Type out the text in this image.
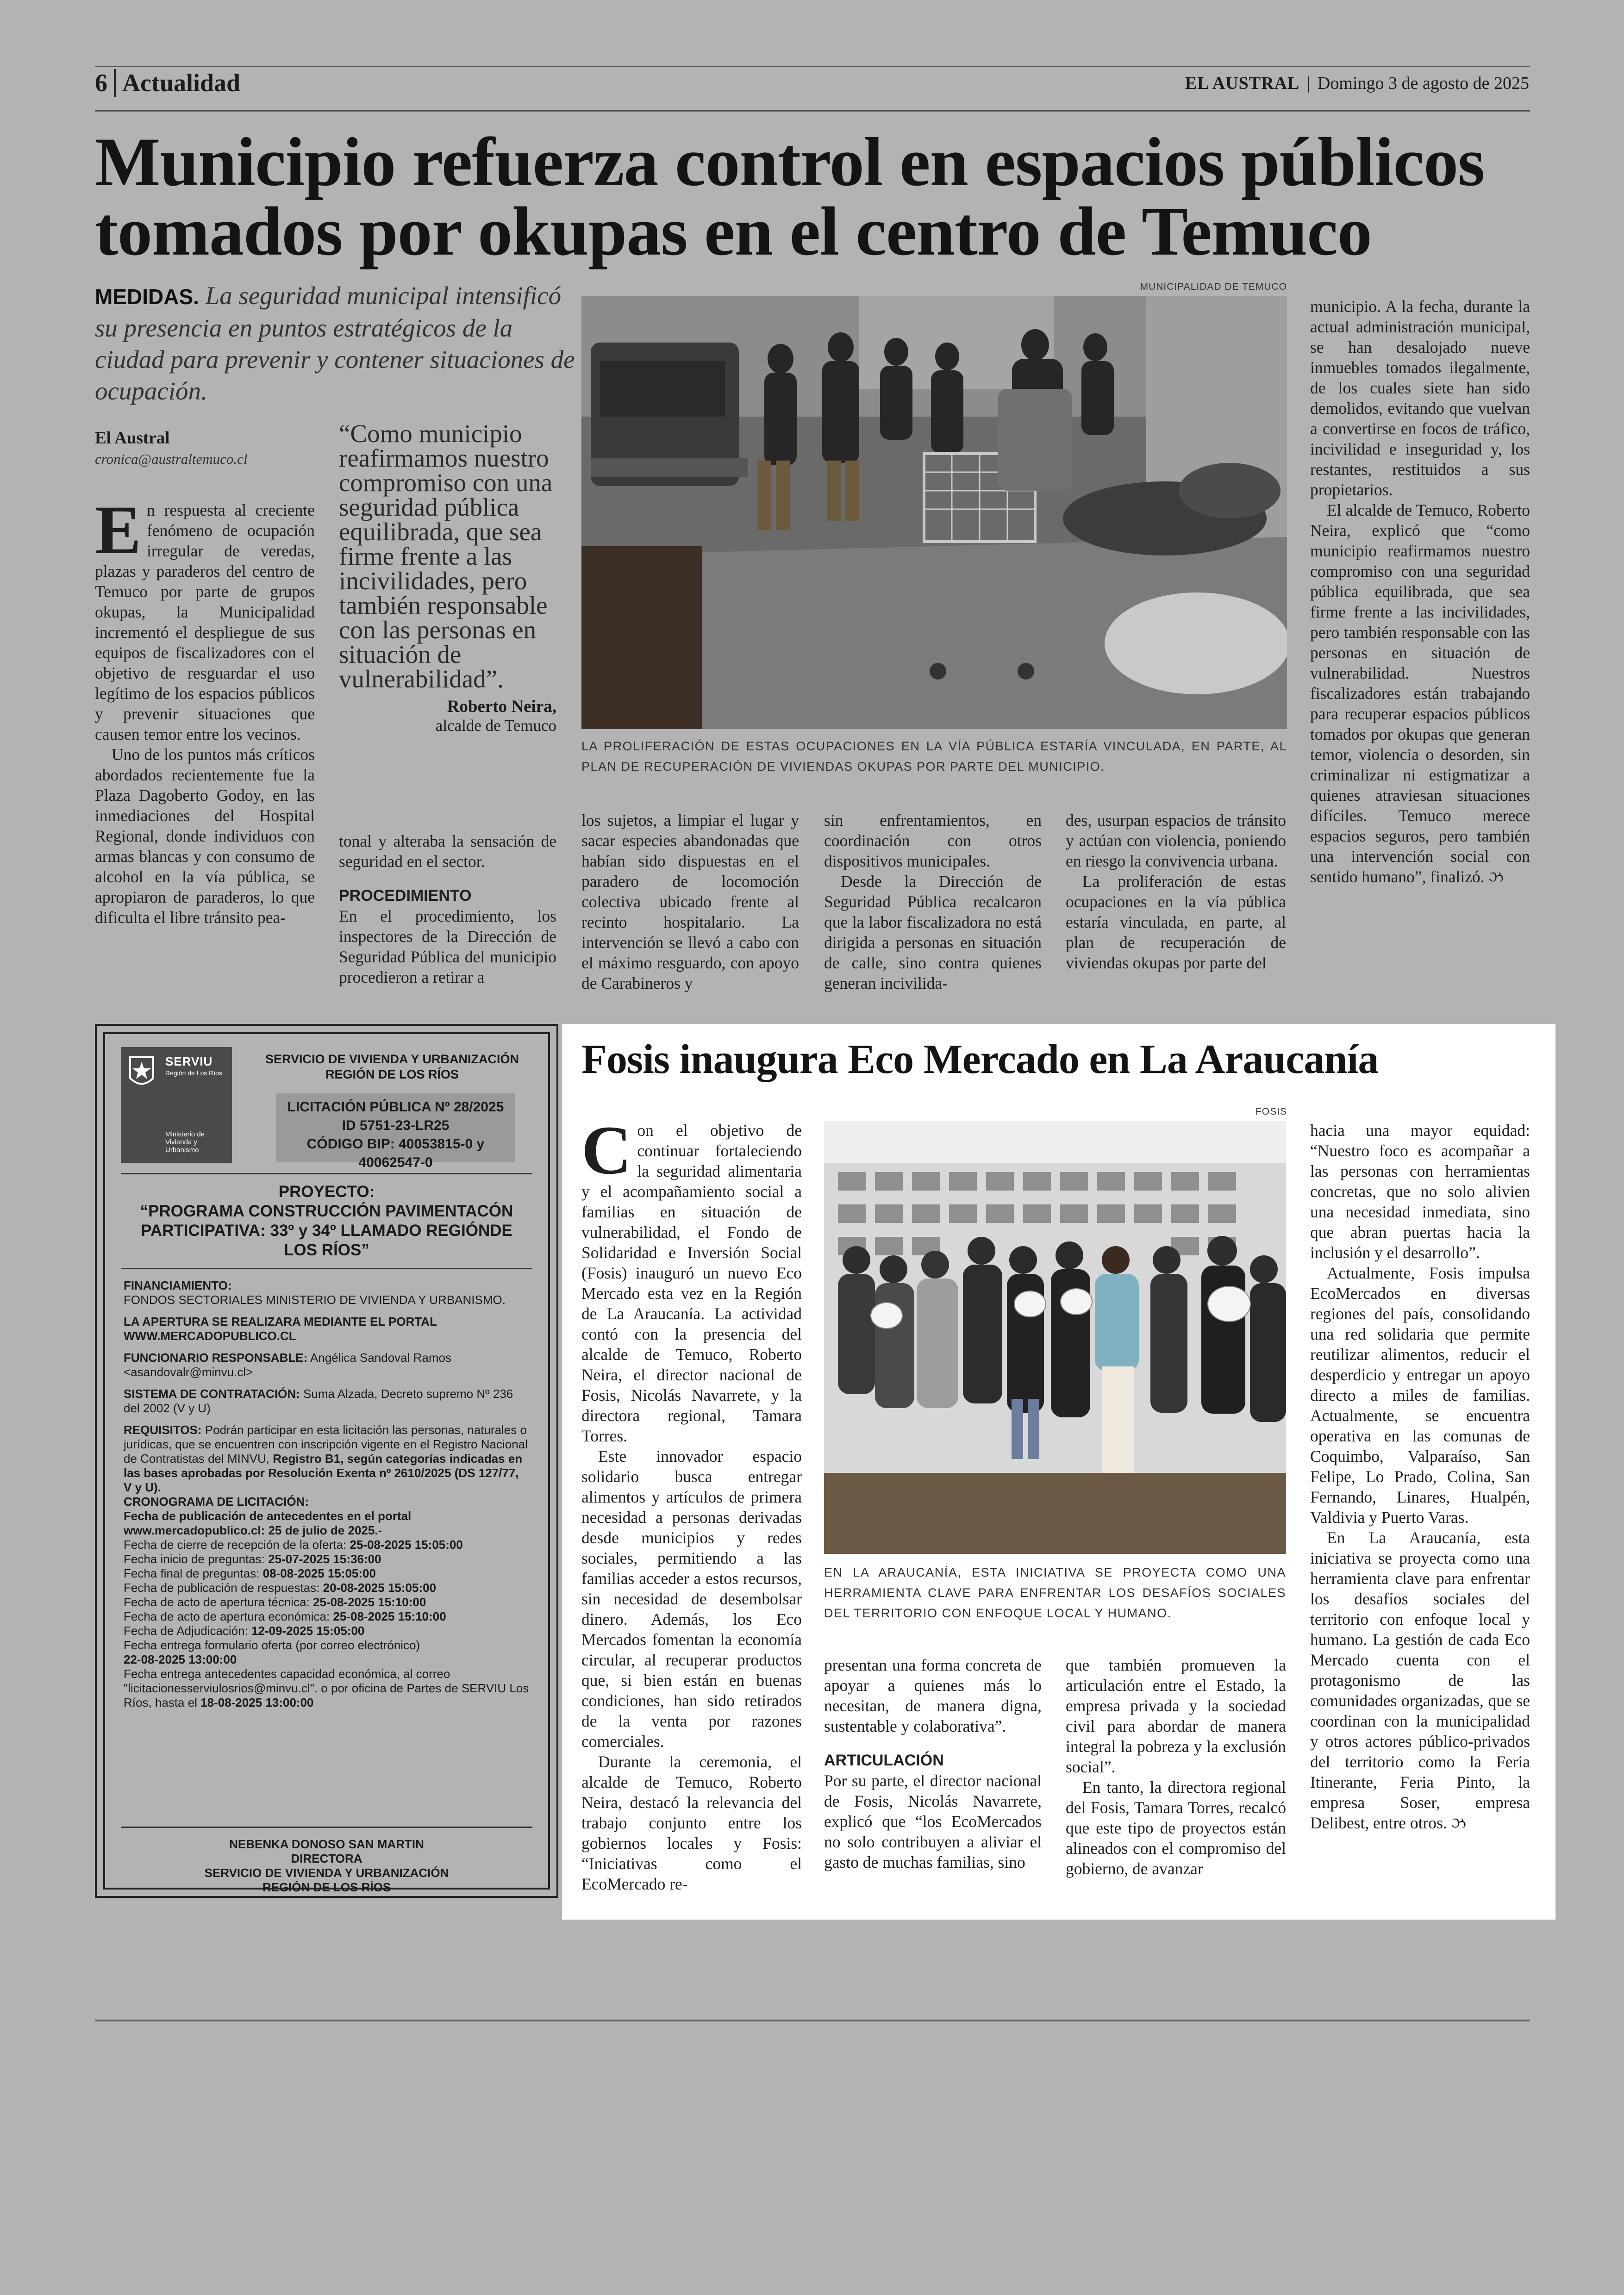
6 Actualidad	EL AUSTRAL | Domingo 3 de agosto de 2025
Municipio refuerza control en espacios públicos
tomados por okupas en el centro de Temuco
MEDIDAS. La seguridad municipal intensificó su presencia en puntos estratégicos de la ciudad para prevenir y contener situaciones de ocupación.
El Austral
cronica@australtemuco.cl
“Como municipio reafirmamos nuestro compromiso con una seguridad pública equilibrada, que sea firme frente a las incivilidades, pero también responsable con las personas en situación de vulnerabilidad”.
Roberto Neira,
alcalde de Temuco
MUNICIPALIDAD DE TEMUCO
LA PROLIFERACIÓN DE ESTAS OCUPACIONES EN LA VÍA PÚBLICA ESTARÍA VINCULADA, EN PARTE, AL PLAN DE RECUPERACIÓN DE VIVIENDAS OKUPAS POR PARTE DEL MUNICIPIO.

En respuesta al creciente fenómeno de ocupación irregular de veredas, plazas y paraderos del centro de Temuco por parte de grupos okupas, la Municipalidad incrementó el despliegue de sus equipos de fiscalizadores con el objetivo de resguardar el uso legítimo de los espacios públicos y prevenir situaciones que causen temor entre los vecinos.

Uno de los puntos más críticos abordados recientemente fue la Plaza Dagoberto Godoy, en las inmediaciones del Hospital Regional, donde individuos con armas blancas y con consumo de alcohol en la vía pública, se apropiaron de paraderos, lo que dificulta el libre tránsito pea-

tonal y alteraba la sensación de seguridad en el sector.

PROCEDIMIENTO

En el procedimiento, los inspectores de la Dirección de Seguridad Pública del municipio procedieron a retirar a

los sujetos, a limpiar el lugar y sacar especies abandonadas que habían sido dispuestas en el paradero de locomoción colectiva ubicado frente al recinto hospitalario. La intervención se llevó a cabo con el máximo resguardo, con apoyo de Carabineros y

sin enfrentamientos, en coordinación con otros dispositivos municipales.

Desde la Dirección de Seguridad Pública recalcaron que la labor fiscalizadora no está dirigida a personas en situación de calle, sino contra quienes generan incivilida-

des, usurpan espacios de tránsito y actúan con violencia, poniendo en riesgo la convivencia urbana.

La proliferación de estas ocupaciones en la vía pública estaría vinculada, en parte, al plan de recuperación de viviendas okupas por parte del

municipio. A la fecha, durante la actual administración municipal, se han desalojado nueve inmuebles tomados ilegalmente, de los cuales siete han sido demolidos, evitando que vuelvan a convertirse en focos de tráfico, incivilidad e inseguridad y, los restantes, restituidos a sus propietarios.

El alcalde de Temuco, Roberto Neira, explicó que “como municipio reafirmamos nuestro compromiso con una seguridad pública equilibrada, que sea firme frente a las incivilidades, pero también responsable con las personas en situación de vulnerabilidad. Nuestros fiscalizadores están trabajando para recuperar espacios públicos tomados por okupas que generan temor, violencia o desorden, sin criminalizar ni estigmatizar a quienes atraviesan situaciones difíciles. Temuco merece espacios seguros, pero también una intervención social con sentido humano”, finalizó. ઝ

SERVIU
Región de Los Ríos
Ministerio de Vivienda y Urbanismo
SERVICIO DE VIVIENDA Y URBANIZACIÓN
REGIÓN DE LOS RÍOS
LICITACIÓN PÚBLICA Nº 28/2025
ID 5751-23-LR25
CÓDIGO BIP: 40053815-0 y 40062547-0
PROYECTO:
“PROGRAMA CONSTRUCCIÓN PAVIMENTACÓN PARTICIPATIVA: 33º y 34º LLAMADO REGIÓNDE LOS RÍOS”

FINANCIAMIENTO:
FONDOS SECTORIALES MINISTERIO DE VIVIENDA Y URBANISMO.

LA APERTURA SE REALIZARA MEDIANTE EL PORTAL
WWW.MERCADOPUBLICO.CL

FUNCIONARIO RESPONSABLE: Angélica Sandoval Ramos <asandovalr@minvu.cl>

SISTEMA DE CONTRATACIÓN: Suma Alzada, Decreto supremo Nº 236 del 2002 (V y U)

REQUISITOS: Podrán participar en esta licitación las personas, naturales o jurídicas, que se encuentren con inscripción vigente en el Registro Nacional de Contratistas del MINVU, Registro B1, según categorías indicadas en las bases aprobadas por Resolución Exenta nº 2610/2025 (DS 127/77, V y U).

CRONOGRAMA DE LICITACIÓN:

Fecha de publicación de antecedentes en el portal www.mercadopublico.cl: 25 de julio de 2025.-

Fecha de cierre de recepción de la oferta: 25-08-2025 15:05:00

Fecha inicio de preguntas: 25-07-2025 15:36:00

Fecha final de preguntas: 08-08-2025 15:05:00

Fecha de publicación de respuestas: 20-08-2025 15:05:00

Fecha de acto de apertura técnica: 25-08-2025 15:10:00

Fecha de acto de apertura económica: 25-08-2025 15:10:00

Fecha de Adjudicación: 12-09-2025 15:05:00

Fecha entrega formulario oferta (por correo electrónico)
22-08-2025 13:00:00

Fecha entrega antecedentes capacidad económica, al correo "licitacionesserviulosrios@minvu.cl". o por oficina de Partes de SERVIU Los Ríos, hasta el 18-08-2025 13:00:00

NEBENKA DONOSO SAN MARTIN
DIRECTORA
SERVICIO DE VIVIENDA Y URBANIZACIÓN
REGIÓN DE LOS RÍOS
Fosis inaugura Eco Mercado en La Araucanía
FOSIS
EN LA ARAUCANÍA, ESTA INICIATIVA SE PROYECTA COMO UNA HERRAMIENTA CLAVE PARA ENFRENTAR LOS DESAFÍOS SOCIALES DEL TERRITORIO CON ENFOQUE LOCAL Y HUMANO.

Con el objetivo de continuar fortaleciendo la seguridad alimentaria y el acompañamiento social a familias en situación de vulnerabilidad, el Fondo de Solidaridad e Inversión Social (Fosis) inauguró un nuevo Eco Mercado esta vez en la Región de La Araucanía. La actividad contó con la presencia del alcalde de Temuco, Roberto Neira, el director nacional de Fosis, Nicolás Navarrete, y la directora regional, Tamara Torres.

Este innovador espacio solidario busca entregar alimentos y artículos de primera necesidad a personas derivadas desde municipios y redes sociales, permitiendo a las familias acceder a estos recursos, sin necesidad de desembolsar dinero. Además, los Eco Mercados fomentan la economía circular, al recuperar productos que, si bien están en buenas condiciones, han sido retirados de la venta por razones comerciales.

Durante la ceremonia, el alcalde de Temuco, Roberto Neira, destacó la relevancia del trabajo conjunto entre los gobiernos locales y Fosis: “Iniciativas como el EcoMercado re-

presentan una forma concreta de apoyar a quienes más lo necesitan, de manera digna, sustentable y colaborativa”.

ARTICULACIÓN

Por su parte, el director nacional de Fosis, Nicolás Navarrete, explicó que “los EcoMercados no solo contribuyen a aliviar el gasto de muchas familias, sino

que también promueven la articulación entre el Estado, la empresa privada y la sociedad civil para abordar de manera integral la pobreza y la exclusión social”.

En tanto, la directora regional del Fosis, Tamara Torres, recalcó que este tipo de proyectos están alineados con el compromiso del gobierno, de avanzar

hacia una mayor equidad: “Nuestro foco es acompañar a las personas con herramientas concretas, que no solo alivien una necesidad inmediata, sino que abran puertas hacia la inclusión y el desarrollo”.

Actualmente, Fosis impulsa EcoMercados en diversas regiones del país, consolidando una red solidaria que permite reutilizar alimentos, reducir el desperdicio y entregar un apoyo directo a miles de familias. Actualmente, se encuentra operativa en las comunas de Coquimbo, Valparaíso, San Felipe, Lo Prado, Colina, San Fernando, Linares, Hualpén, Valdivia y Puerto Varas.

En La Araucanía, esta iniciativa se proyecta como una herramienta clave para enfrentar los desafíos sociales del territorio con enfoque local y humano. La gestión de cada Eco Mercado cuenta con el protagonismo de las comunidades organizadas, que se coordinan con la municipalidad y otros actores público-privados del territorio como la Feria Itinerante, Feria Pinto, la empresa Soser, empresa Delibest, entre otros. ઝ
